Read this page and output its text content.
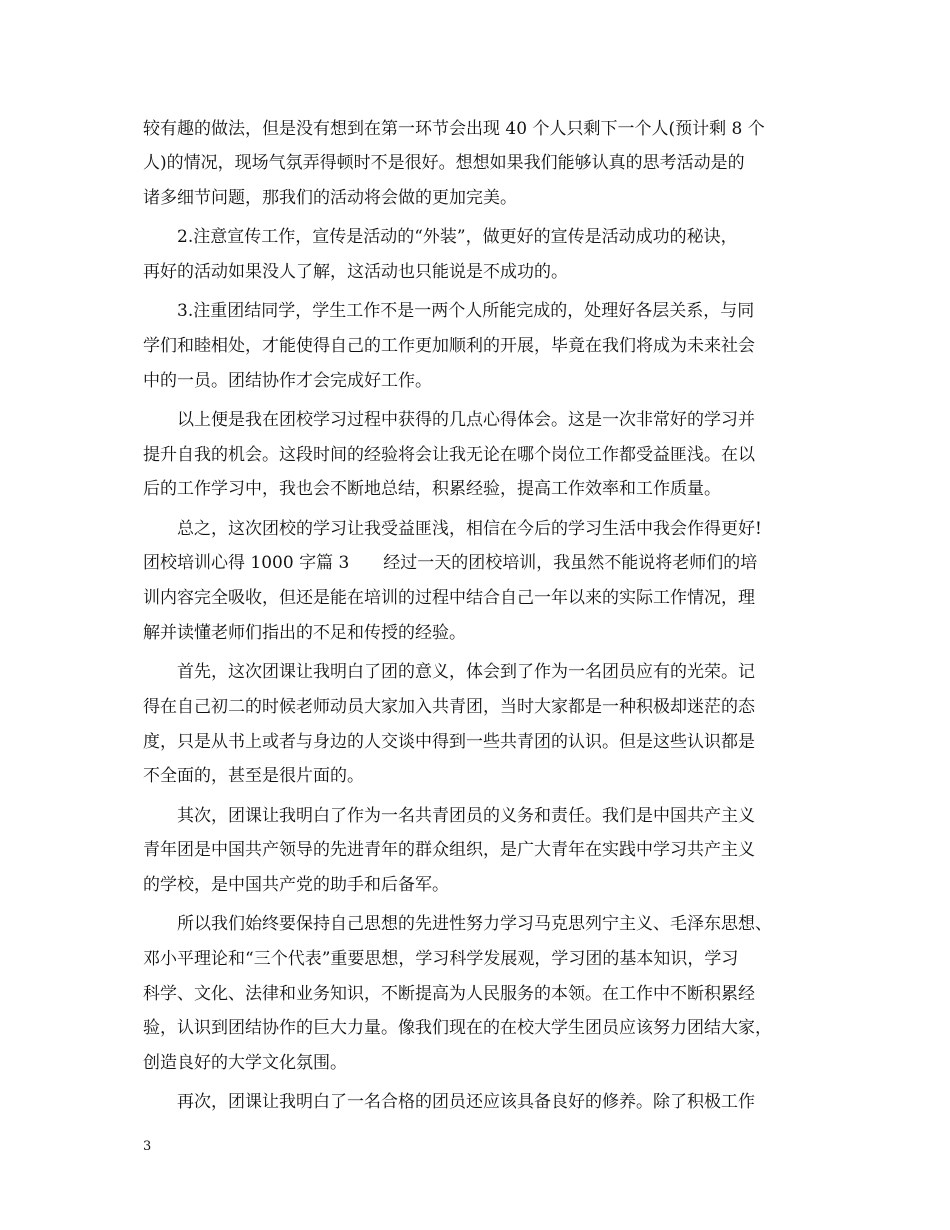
较有趣的做法，但是没有想到在第一环节会出现 40 个人只剩下一个人(预计剩 8 个
人)的情况，现场气氛弄得顿时不是很好。想想如果我们能够认真的思考活动是的
诸多细节问题，那我们的活动将会做的更加完美。
2.注意宣传工作，宣传是活动的“外装”，做更好的宣传是活动成功的秘诀，
再好的活动如果没人了解，这活动也只能说是不成功的。
3.注重团结同学，学生工作不是一两个人所能完成的，处理好各层关系，与同
学们和睦相处，才能使得自己的工作更加顺利的开展，毕竟在我们将成为未来社会
中的一员。团结协作才会完成好工作。
以上便是我在团校学习过程中获得的几点心得体会。这是一次非常好的学习并
提升自我的机会。这段时间的经验将会让我无论在哪个岗位工作都受益匪浅。在以
后的工作学习中，我也会不断地总结，积累经验，提高工作效率和工作质量。
总之，这次团校的学习让我受益匪浅，相信在今后的学习生活中我会作得更好!
团校培训心得 1000 字篇 3　　经过一天的团校培训，我虽然不能说将老师们的培
训内容完全吸收，但还是能在培训的过程中结合自己一年以来的实际工作情况，理
解并读懂老师们指出的不足和传授的经验。
首先，这次团课让我明白了团的意义，体会到了作为一名团员应有的光荣。记
得在自己初二的时候老师动员大家加入共青团，当时大家都是一种积极却迷茫的态
度，只是从书上或者与身边的人交谈中得到一些共青团的认识。但是这些认识都是
不全面的，甚至是很片面的。
其次，团课让我明白了作为一名共青团员的义务和责任。我们是中国共产主义
青年团是中国共产领导的先进青年的群众组织，是广大青年在实践中学习共产主义
的学校，是中国共产党的助手和后备军。
所以我们始终要保持自己思想的先进性努力学习马克思列宁主义、毛泽东思想、
邓小平理论和“三个代表”重要思想，学习科学发展观，学习团的基本知识，学习
科学、文化、法律和业务知识，不断提高为人民服务的本领。在工作中不断积累经
验，认识到团结协作的巨大力量。像我们现在的在校大学生团员应该努力团结大家，
创造良好的大学文化氛围。
再次，团课让我明白了一名合格的团员还应该具备良好的修养。除了积极工作
3
